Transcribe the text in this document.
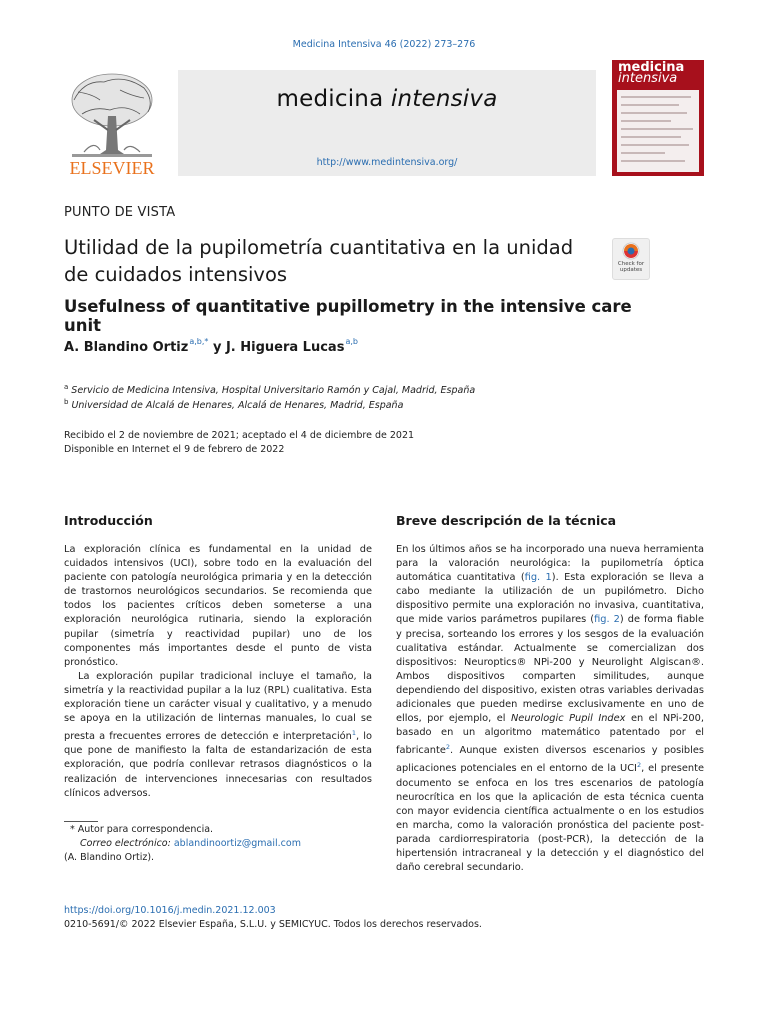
Medicina Intensiva 46 (2022) 273–276
ELSEVIER
medicina intensiva
http://www.medintensiva.org/
medicina
intensiva
PUNTO DE VISTA
Utilidad de la pupilometría cuantitativa en la unidad de cuidados intensivos	Check for updates
Usefulness of quantitative pupillometry in the intensive care unit
A. Blandino Ortiz$^{a,b,*}$ y J. Higuera Lucas$^{a,b}$
$^a$ Servicio de Medicina Intensiva, Hospital Universitario Ramón y Cajal, Madrid, España
$^b$ Universidad de Alcalá de Henares, Alcalá de Henares, Madrid, España
Recibido el 2 de noviembre de 2021; aceptado el 4 de diciembre de 2021
Disponible en Internet el 9 de febrero de 2022
Introducción	Breve descripción de la técnica

La exploración clínica es fundamental en la unidad de cuidados intensivos (UCI), sobre todo en la evaluación del paciente con patología neurológica primaria y en la detección de trastornos neurológicos secundarios. Se recomienda que todos los pacientes críticos deben someterse a una exploración neurológica rutinaria, siendo la exploración pupilar (simetría y reactividad pupilar) uno de los componentes más importantes desde el punto de vista pronóstico.

La exploración pupilar tradicional incluye el tamaño, la simetría y la reactividad pupilar a la luz (RPL) cualitativa. Esta exploración tiene un carácter visual y cualitativo, y a menudo se apoya en la utilización de linternas manuales, lo cual se presta a frecuentes errores de detección e interpretación$^1$, lo que pone de manifiesto la falta de estandarización de esta exploración, que podría conllevar retrasos diagnósticos o la realización de intervenciones innecesarias con resultados clínicos adversos.

En los últimos años se ha incorporado una nueva herramienta para la valoración neurológica: la pupilometría óptica automática cuantitativa (fig. 1). Esta exploración se lleva a cabo mediante la utilización de un pupilómetro. Dicho dispositivo permite una exploración no invasiva, cuantitativa, que mide varios parámetros pupilares (fig. 2) de forma fiable y precisa, sorteando los errores y los sesgos de la evaluación cualitativa estándar. Actualmente se comercializan dos dispositivos: Neuroptics® NPi-200 y Neurolight Algiscan®. Ambos dispositivos comparten similitudes, aunque dependiendo del dispositivo, existen otras variables derivadas adicionales que pueden medirse exclusivamente en uno de ellos, por ejemplo, el Neurologic Pupil Index en el NPi-200, basado en un algoritmo matemático patentado por el fabricante$^2$. Aunque existen diversos escenarios y posibles aplicaciones potenciales en el entorno de la UCI$^2$, el presente documento se enfoca en los tres escenarios de patología neurocrítica en los que la aplicación de esta técnica cuenta con mayor evidencia científica actualmente o en los estudios en marcha, como la valoración pronóstica del paciente post-parada cardiorrespiratoria (post-PCR), la detección de la hipertensión intracraneal y la detección y el diagnóstico del daño cerebral secundario.

* Autor para correspondencia.
Correo electrónico: ablandinoortiz@gmail.com
(A. Blandino Ortiz).
https://doi.org/10.1016/j.medin.2021.12.003
0210-5691/© 2022 Elsevier España, S.L.U. y SEMICYUC. Todos los derechos reservados.
